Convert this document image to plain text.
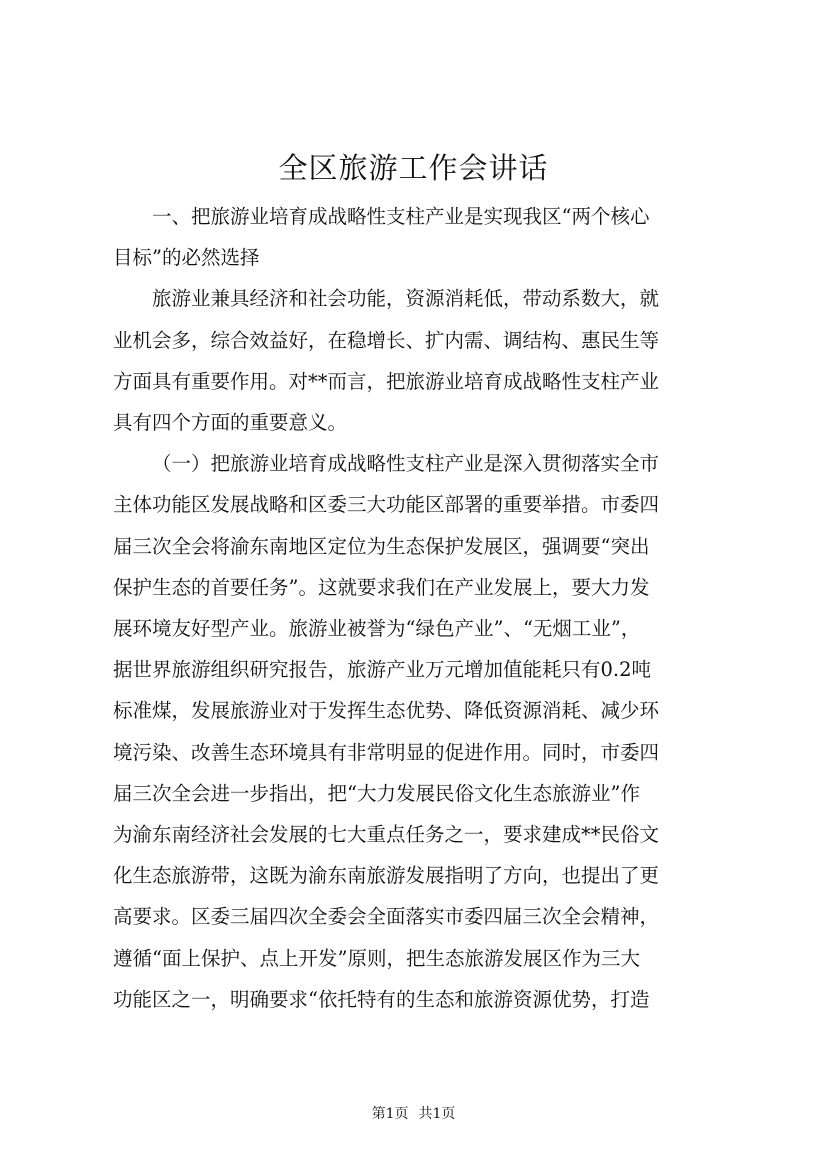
全区旅游工作会讲话

一、把旅游业培育成战略性支柱产业是实现我区“两个核心
目标”的必然选择

旅游业兼具经济和社会功能，资源消耗低，带动系数大，就
业机会多，综合效益好，在稳增长、扩内需、调结构、惠民生等
方面具有重要作用。对**而言，把旅游业培育成战略性支柱产业
具有四个方面的重要意义。

（一）把旅游业培育成战略性支柱产业是深入贯彻落实全市
主体功能区发展战略和区委三大功能区部署的重要举措。市委四
届三次全会将渝东南地区定位为生态保护发展区，强调要“突出
保护生态的首要任务”。这就要求我们在产业发展上，要大力发
展环境友好型产业。旅游业被誉为“绿色产业”、“无烟工业”，
据世界旅游组织研究报告，旅游产业万元增加值能耗只有0.2吨
标准煤，发展旅游业对于发挥生态优势、降低资源消耗、减少环
境污染、改善生态环境具有非常明显的促进作用。同时，市委四
届三次全会进一步指出，把“大力发展民俗文化生态旅游业”作
为渝东南经济社会发展的七大重点任务之一，要求建成**民俗文
化生态旅游带，这既为渝东南旅游发展指明了方向，也提出了更
高要求。区委三届四次全委会全面落实市委四届三次全会精神，
遵循“面上保护、点上开发”原则，把生态旅游发展区作为三大
功能区之一，明确要求“依托特有的生态和旅游资源优势，打造

第1页 共1页
